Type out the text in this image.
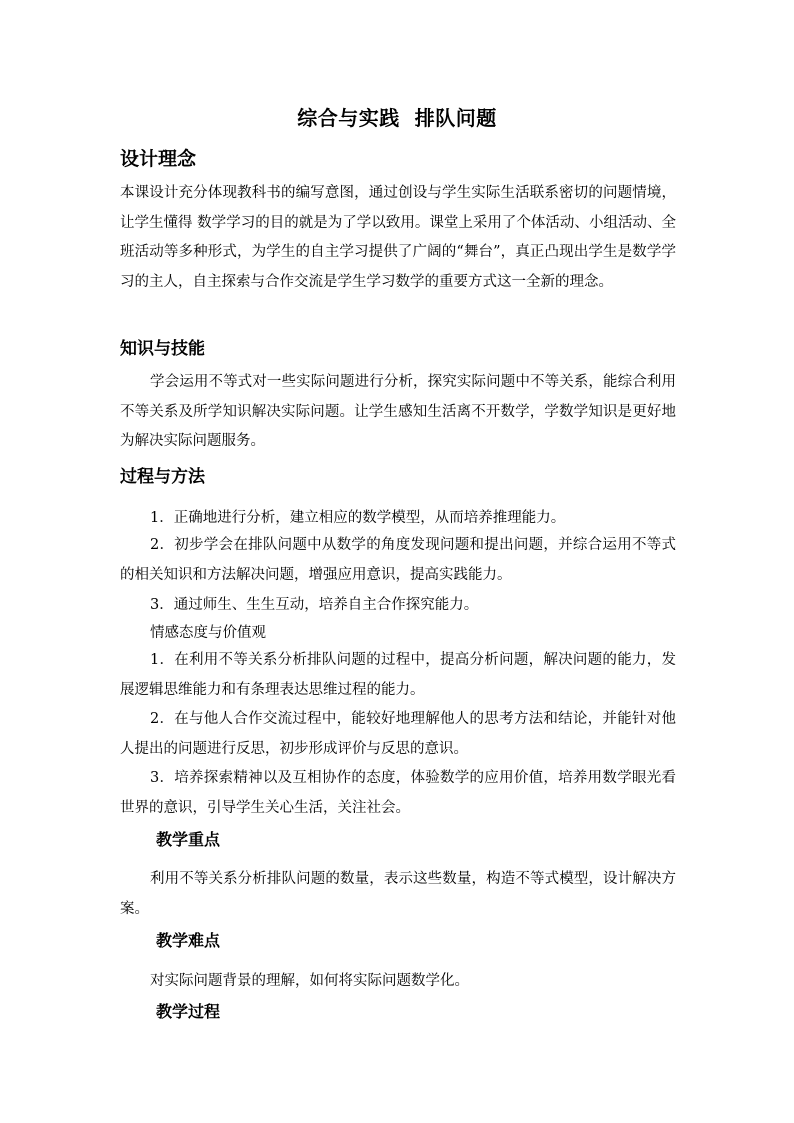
综合与实践  排队问题
设计理念
本课设计充分体现教科书的编写意图，通过创设与学生实际生活联系密切的问题情境，让学生懂得 数学学习的目的就是为了学以致用。课堂上采用了个体活动、小组活动、全班活动等多种形式，为学生的自主学习提供了广阔的“舞台”，真正凸现出学生是数学学习的主人，自主探索与合作交流是学生学习数学的重要方式这一全新的理念。
知识与技能
学会运用不等式对一些实际问题进行分析，探究实际问题中不等关系，能综合利用不等关系及所学知识解决实际问题。让学生感知生活离不开数学，学数学知识是更好地为解决实际问题服务。
过程与方法
1．正确地进行分析，建立相应的数学模型，从而培养推理能力。
2．初步学会在排队问题中从数学的角度发现问题和提出问题，并综合运用不等式的相关知识和方法解决问题，增强应用意识，提高实践能力。
3．通过师生、生生互动，培养自主合作探究能力。
情感态度与价值观
1．在利用不等关系分析排队问题的过程中，提高分析问题，解决问题的能力，发展逻辑思维能力和有条理表达思维过程的能力。
2．在与他人合作交流过程中，能较好地理解他人的思考方法和结论，并能针对他人提出的问题进行反思，初步形成评价与反思的意识。
3．培养探索精神以及互相协作的态度，体验数学的应用价值，培养用数学眼光看世界的意识，引导学生关心生活，关注社会。
教学重点
利用不等关系分析排队问题的数量，表示这些数量，构造不等式模型，设计解决方案。
教学难点
对实际问题背景的理解，如何将实际问题数学化。
教学过程
